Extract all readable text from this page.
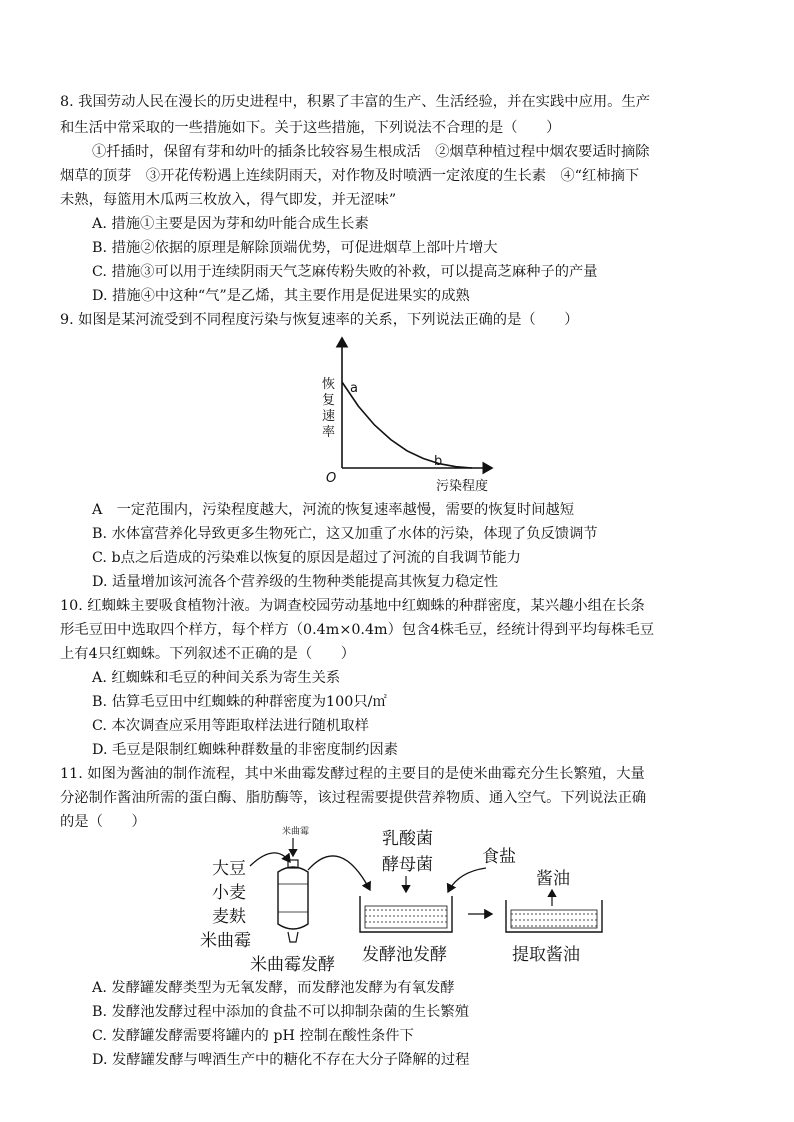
8. 我国劳动人民在漫长的历史进程中，积累了丰富的生产、生活经验，并在实践中应用。生产
和生活中常采取的一些措施如下。关于这些措施，下列说法不合理的是（　　）
①扦插时，保留有芽和幼叶的插条比较容易生根成活　②烟草种植过程中烟农要适时摘除
烟草的顶芽　③开花传粉遇上连续阴雨天，对作物及时喷洒一定浓度的生长素　④“红柿摘下
未熟，每篮用木瓜两三枚放入，得气即发，并无涩味”
A. 措施①主要是因为芽和幼叶能合成生长素
B. 措施②依据的原理是解除顶端优势，可促进烟草上部叶片增大
C. 措施③可以用于连续阴雨天气芝麻传粉失败的补救，可以提高芝麻种子的产量
D. 措施④中这种“气”是乙烯，其主要作用是促进果实的成熟
9. 如图是某河流受到不同程度污染与恢复速率的关系，下列说法正确的是（　　）
恢
复
速
率
O
a
b
污染程度
A　一定范围内，污染程度越大，河流的恢复速率越慢，需要的恢复时间越短
B. 水体富营养化导致更多生物死亡，这又加重了水体的污染，体现了负反馈调节
C. b点之后造成的污染难以恢复的原因是超过了河流的自我调节能力
D. 适量增加该河流各个营养级的生物种类能提高其恢复力稳定性
10. 红蜘蛛主要吸食植物汁液。为调查校园劳动基地中红蜘蛛的种群密度，某兴趣小组在长条
形毛豆田中选取四个样方，每个样方（0.4m×0.4m）包含4株毛豆，经统计得到平均每株毛豆
上有4只红蜘蛛。下列叙述不正确的是（　　）
A. 红蜘蛛和毛豆的种间关系为寄生关系
B. 估算毛豆田中红蜘蛛的种群密度为100只/㎡
C. 本次调查应采用等距取样法进行随机取样
D. 毛豆是限制红蜘蛛种群数量的非密度制约因素
11. 如图为酱油的制作流程，其中米曲霉发酵过程的主要目的是使米曲霉充分生长繁殖，大量
分泌制作酱油所需的蛋白酶、脂肪酶等，该过程需要提供营养物质、通入空气。下列说法正确
的是（　　）
大豆
小麦
麦麸
米曲霉
米曲霉	乳酸菌
酵母菌	食盐
酱油
米曲霉发酵 发酵池发酵	提取酱油
A. 发酵罐发酵类型为无氧发酵，而发酵池发酵为有氧发酵
B. 发酵池发酵过程中添加的食盐不可以抑制杂菌的生长繁殖
C. 发酵罐发酵需要将罐内的 pH 控制在酸性条件下
D. 发酵罐发酵与啤酒生产中的糖化不存在大分子降解的过程
